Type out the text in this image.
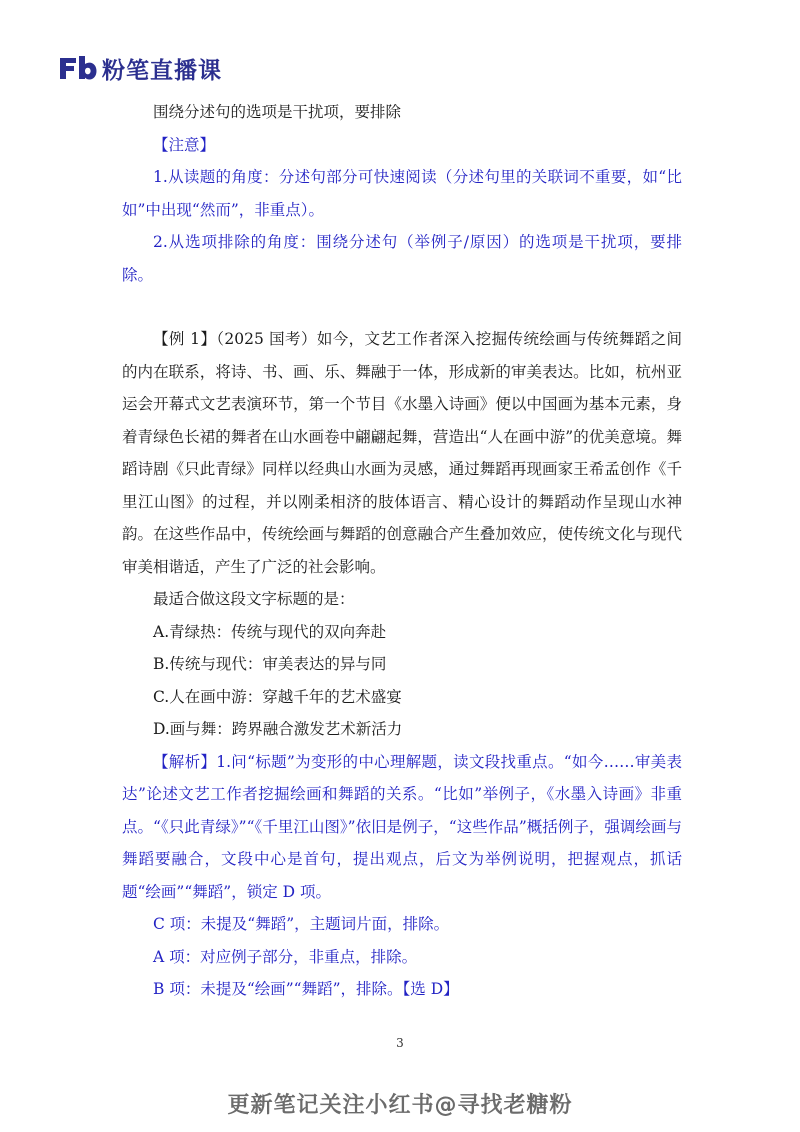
粉笔直播课

围绕分述句的选项是干扰项，要排除

【注意】

1.从读题的角度：分述句部分可快速阅读（分述句里的关联词不重要，如“比如”中出现“然而”，非重点）。

2.从选项排除的角度：围绕分述句（举例子/原因）的选项是干扰项，要排除。

【例 1】（2025 国考）如今，文艺工作者深入挖掘传统绘画与传统舞蹈之间的内在联系，将诗、书、画、乐、舞融于一体，形成新的审美表达。比如，杭州亚运会开幕式文艺表演环节，第一个节目《水墨入诗画》便以中国画为基本元素，身着青绿色长裙的舞者在山水画卷中翩翩起舞，营造出“人在画中游”的优美意境。舞蹈诗剧《只此青绿》同样以经典山水画为灵感，通过舞蹈再现画家王希孟创作《千里江山图》的过程，并以刚柔相济的肢体语言、精心设计的舞蹈动作呈现山水神韵。在这些作品中，传统绘画与舞蹈的创意融合产生叠加效应，使传统文化与现代审美相谐适，产生了广泛的社会影响。

最适合做这段文字标题的是：

A.青绿热：传统与现代的双向奔赴

B.传统与现代：审美表达的异与同

C.人在画中游：穿越千年的艺术盛宴

D.画与舞：跨界融合激发艺术新活力

【解析】1.问“标题”为变形的中心理解题，读文段找重点。“如今……审美表达”论述文艺工作者挖掘绘画和舞蹈的关系。“比如”举例子，《水墨入诗画》非重点。“《只此青绿》”“《千里江山图》”依旧是例子，“这些作品”概括例子，强调绘画与舞蹈要融合，文段中心是首句，提出观点，后文为举例说明，把握观点，抓话题“绘画”“舞蹈”，锁定 D 项。

C 项：未提及“舞蹈”，主题词片面，排除。

A 项：对应例子部分，非重点，排除。

B 项：未提及“绘画”“舞蹈”，排除。【选 D】

3
更新笔记关注小红书@寻找老糖粉
